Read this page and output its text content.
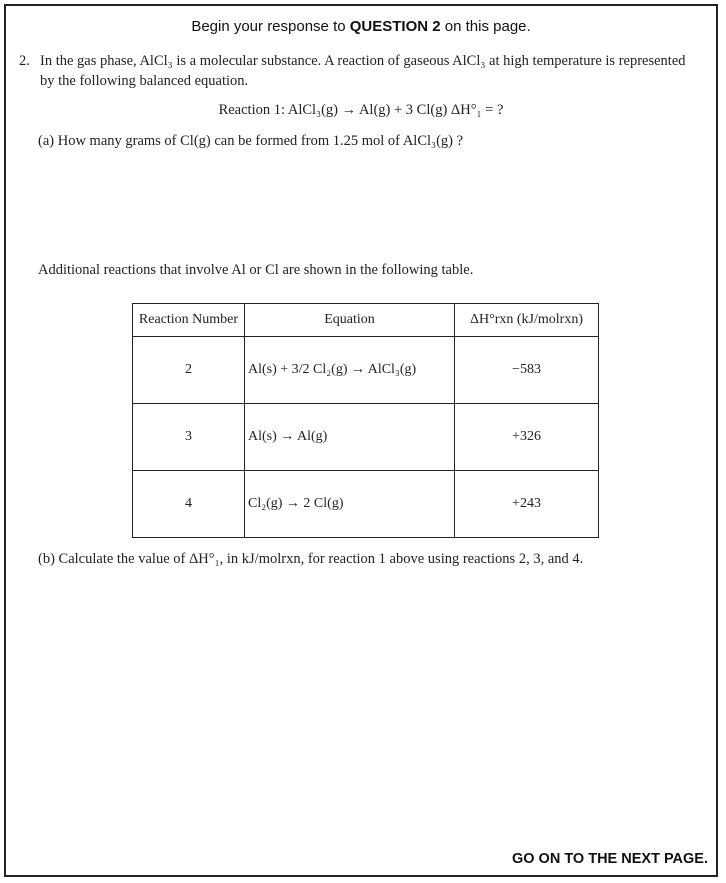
Begin your response to QUESTION 2 on this page.
2. In the gas phase, AlCl₃ is a molecular substance. A reaction of gaseous AlCl₃ at high temperature is represented
by the following balanced equation.
Reaction 1: AlCl₃(g) → Al(g) + 3 Cl(g) ΔH°₁ = ?
(a) How many grams of Cl(g) can be formed from 1.25 mol of AlCl₃(g) ?
Additional reactions that involve Al or Cl are shown in the following table.
Reaction Number	Equation	ΔH°rxn (kJ/molrxn)
2	Al(s) + 3/2 Cl₂(g) → AlCl₃(g)	−583
3	Al(s) → Al(g)	+326
4	Cl₂(g) → 2 Cl(g)	+243
(b) Calculate the value of ΔH°₁, in kJ/molrxn, for reaction 1 above using reactions 2, 3, and 4.
GO ON TO THE NEXT PAGE.
